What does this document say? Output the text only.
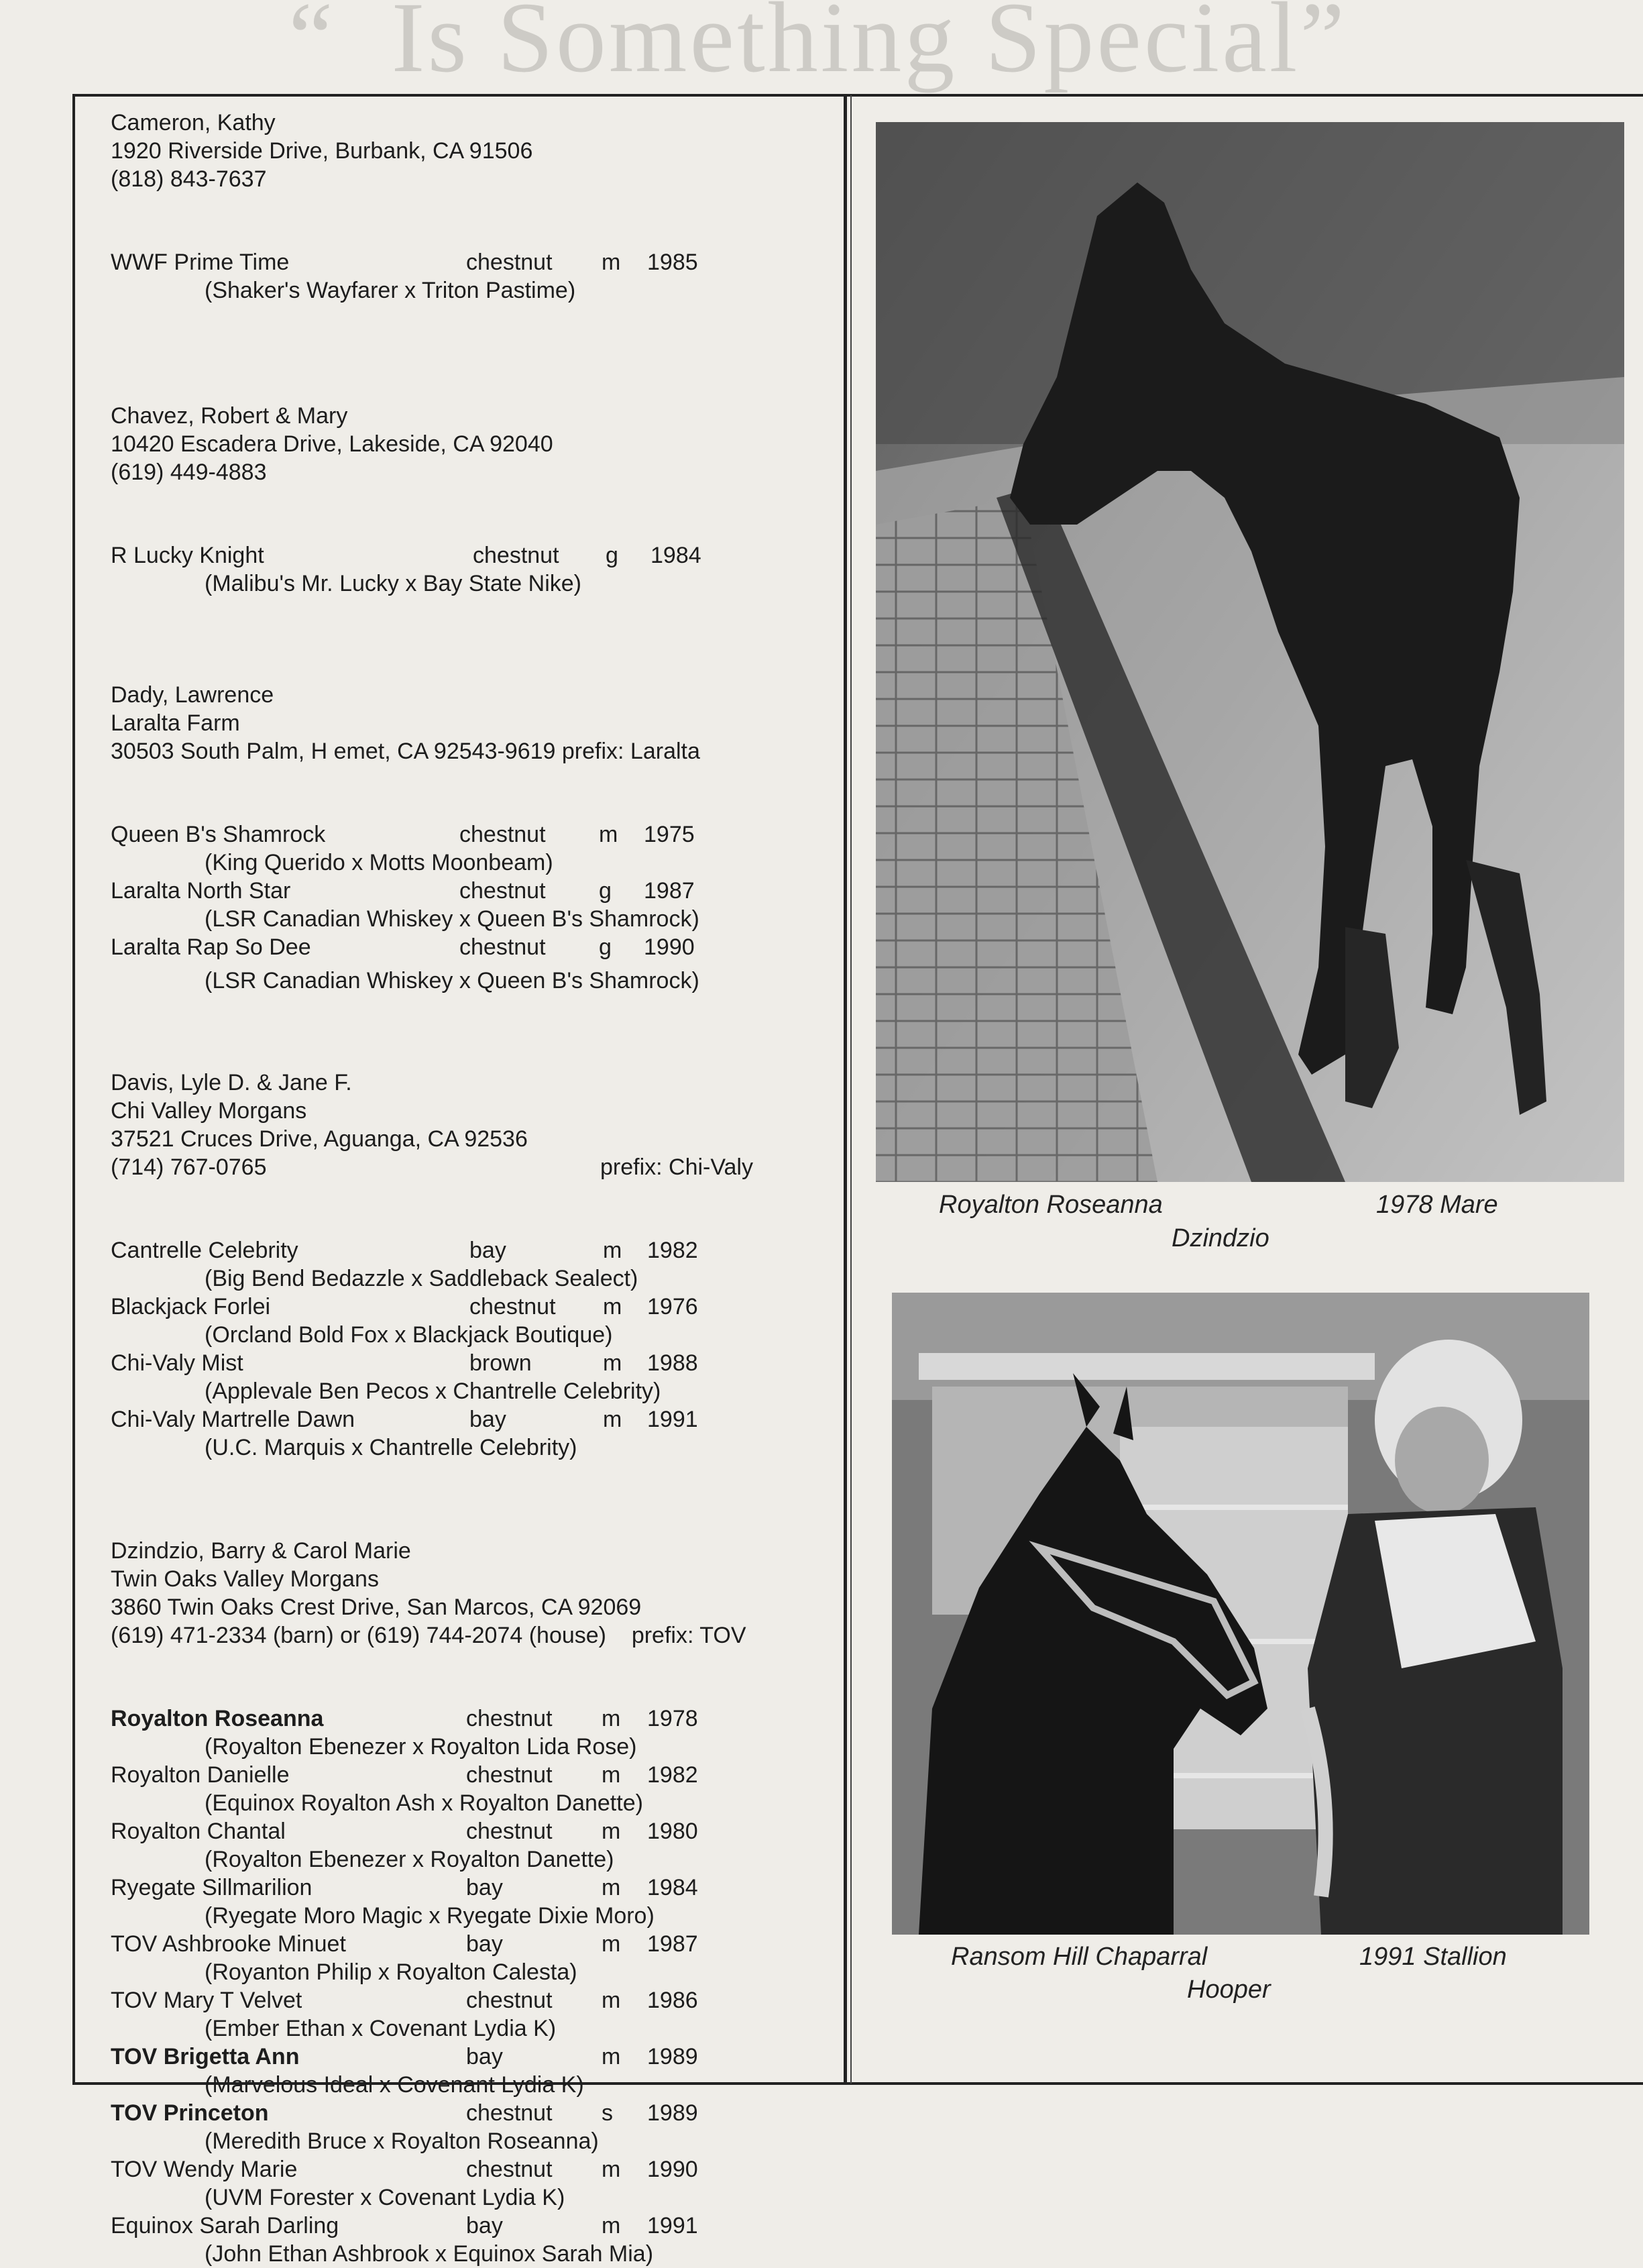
“  Is Something Special”
Cameron, Kathy
1920 Riverside Drive, Burbank, CA 91506
(818) 843-7637
WWF Prime Time	chestnut m 1985
(Shaker's Wayfarer x Triton Pastime)
Chavez, Robert & Mary
10420 Escadera Drive, Lakeside, CA 92040
(619) 449-4883
R Lucky Knight	chestnut g 1984
(Malibu's Mr. Lucky x Bay State Nike)
Dady, Lawrence
Laralta Farm
30503 South Palm, H emet, CA 92543-9619 prefix: Laralta
Queen B's Shamrock	chestnut m 1975
(King Querido x Motts Moonbeam)
Laralta North Star	chestnut g 1987
(LSR Canadian Whiskey x Queen B's Shamrock)
Laralta Rap So Dee	chestnut g 1990
(LSR Canadian Whiskey x Queen B's Shamrock)
Davis, Lyle D. & Jane F.
Chi Valley Morgans
37521 Cruces Drive, Aguanga, CA 92536
(714) 767-0765	prefix: Chi-Valy
Cantrelle Celebrity	bay	m 1982
(Big Bend Bedazzle x Saddleback Sealect)
Blackjack Forlei	chestnut m 1976
(Orcland Bold Fox x Blackjack Boutique)
Chi-Valy Mist	brown	m 1988
(Applevale Ben Pecos x Chantrelle Celebrity)
Chi-Valy Martrelle Dawn	bay	m 1991
(U.C. Marquis x Chantrelle Celebrity)
Dzindzio, Barry & Carol Marie
Twin Oaks Valley Morgans
3860 Twin Oaks Crest Drive, San Marcos, CA 92069
(619) 471-2334 (barn) or (619) 744-2074 (house) prefix: TOV
Royalton Roseanna	chestnut m 1978
(Royalton Ebenezer x Royalton Lida Rose)
Royalton Danielle	chestnut m 1982
(Equinox Royalton Ash x Royalton Danette)
Royalton Chantal	chestnut m 1980
(Royalton Ebenezer x Royalton Danette)
Ryegate Sillmarilion	bay	m 1984
(Ryegate Moro Magic x Ryegate Dixie Moro)
TOV Ashbrooke Minuet	bay	m 1987
(Royanton Philip x Royalton Calesta)
TOV Mary T Velvet	chestnut m 1986
(Ember Ethan x Covenant Lydia K)
TOV Brigetta Ann	bay	m 1989
(Marvelous Ideal x Covenant Lydia K)
TOV Princeton	chestnut s 1989
(Meredith Bruce x Royalton Roseanna)
TOV Wendy Marie	chestnut m 1990
(UVM Forester x Covenant Lydia K)
Equinox Sarah Darling	bay	m 1991
(John Ethan Ashbrook x Equinox Sarah Mia)
Royalton Roseanna	1978 Mare
Dzindzio
Ransom Hill Chaparral	1991 Stallion
Hooper
